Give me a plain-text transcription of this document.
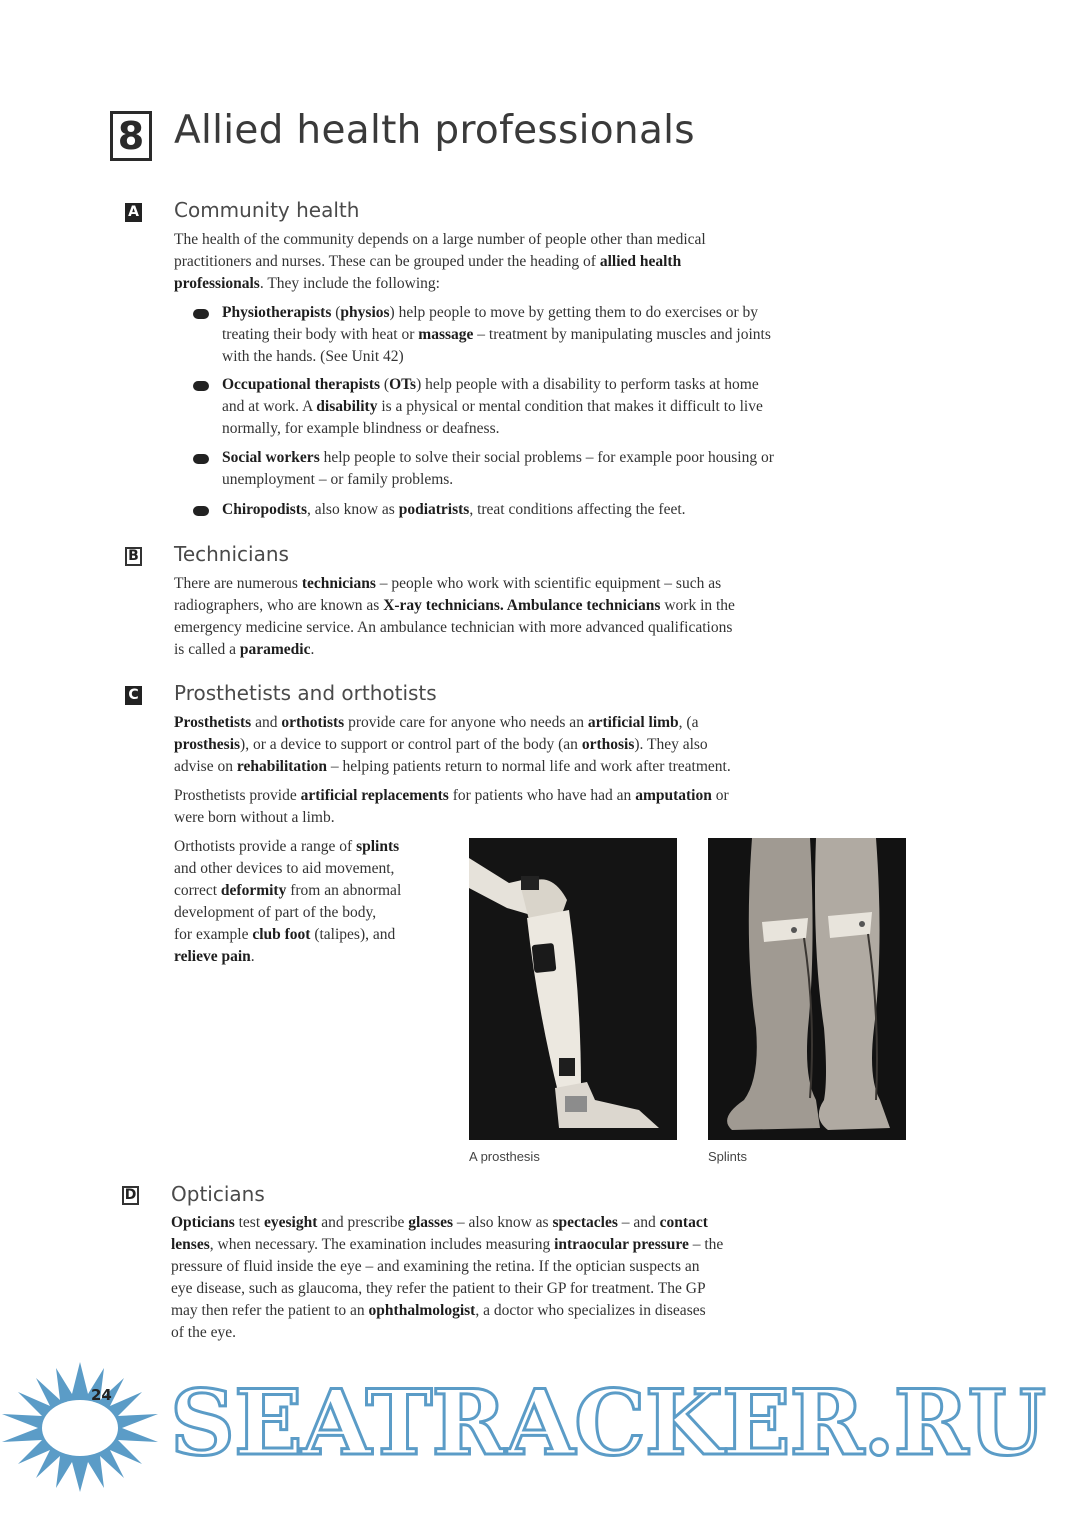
8 Allied health professionals
A Community health
The health of the community depends on a large number of people other than medical
practitioners and nurses. These can be grouped under the heading of allied health
professionals. They include the following:
Physiotherapists (physios) help people to move by getting them to do exercises or by
treating their body with heat or massage – treatment by manipulating muscles and joints
with the hands. (See Unit 42)
Occupational therapists (OTs) help people with a disability to perform tasks at home
and at work. A disability is a physical or mental condition that makes it difficult to live
normally, for example blindness or deafness.
Social workers help people to solve their social problems – for example poor housing or
unemployment – or family problems.
Chiropodists, also know as podiatrists, treat conditions affecting the feet.
B Technicians
There are numerous technicians – people who work with scientific equipment – such as
radiographers, who are known as X-ray technicians. Ambulance technicians work in the
emergency medicine service. An ambulance technician with more advanced qualifications
is called a paramedic.
C Prosthetists and orthotists
Prosthetists and orthotists provide care for anyone who needs an artificial limb, (a
prosthesis), or a device to support or control part of the body (an orthosis). They also
advise on rehabilitation – helping patients return to normal life and work after treatment.
Prosthetists provide artificial replacements for patients who have had an amputation or
were born without a limb.
Orthotists provide a range of splints
and other devices to aid movement,
correct deformity from an abnormal
development of part of the body,
for example club foot (talipes), and
relieve pain.
A prosthesis	Splints
D Opticians
Opticians test eyesight and prescribe glasses – also know as spectacles – and contact
lenses, when necessary. The examination includes measuring intraocular pressure – the
pressure of fluid inside the eye – and examining the retina. If the optician suspects an
eye disease, such as glaucoma, they refer the patient to their GP for treatment. The GP
may then refer the patient to an ophthalmologist, a doctor who specializes in diseases
of the eye.
24 SEATRACKER.RU
